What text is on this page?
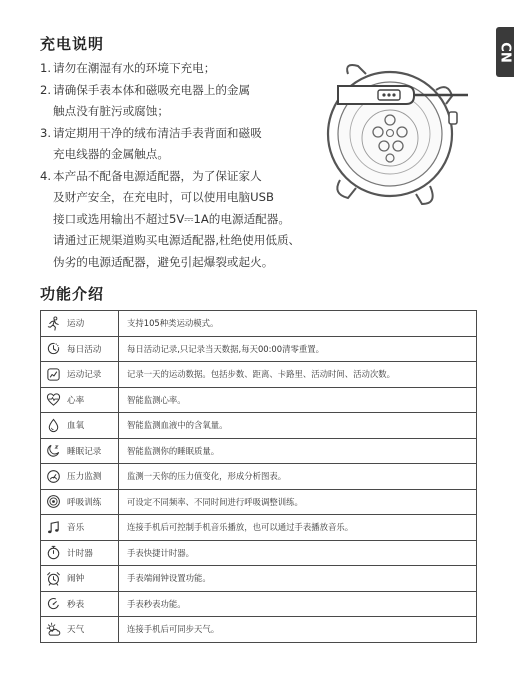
CN
充电说明
1. 请勿在潮湿有水的环境下充电；
2. 请确保手表本体和磁吸充电器上的金属
触点没有脏污或腐蚀；
3. 请定期用干净的绒布清洁手表背面和磁吸
充电线器的金属触点。
4. 本产品不配备电源适配器，为了保证家人
及财产安全，在充电时，可以使用电脑USB
接口或选用输出不超过5V⎓1A的电源适配器。
请通过正规渠道购买电源适配器,杜绝使用低质、
伪劣的电源适配器，避免引起爆裂或起火。
功能介绍
运动	支持105种类运动模式。

每日活动	每日活动记录,只记录当天数据,每天00:00清零重置。

运动记录	记录一天的运动数据。包括步数、距离、卡路里、活动时间、活动次数。

心率	智能监测心率。

血氧	智能监测血液中的含氧量。

睡眠记录	智能监测你的睡眠质量。

压力监测	监测一天你的压力值变化，形成分析图表。

呼吸训练	可设定不同频率、不同时间进行呼吸调整训练。

音乐	连接手机后可控制手机音乐播放，也可以通过手表播放音乐。

计时器	手表快捷计时器。

闹钟	手表端闹钟设置功能。

秒表	手表秒表功能。

天气	连接手机后可同步天气。
